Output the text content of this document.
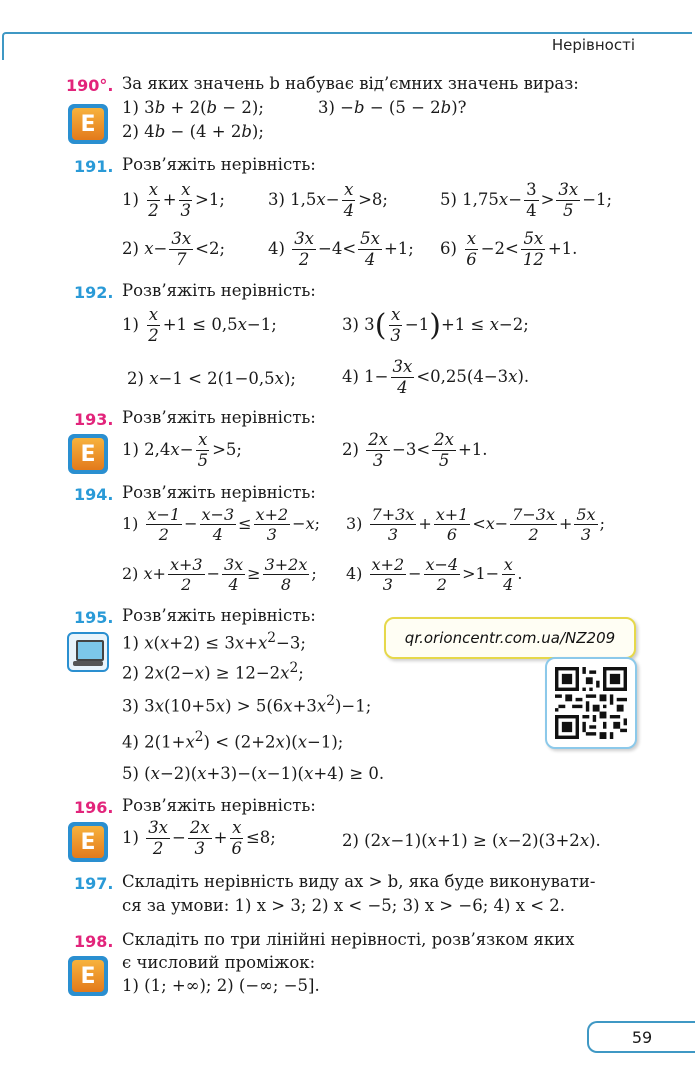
Нерівності
190°. За яких значень b набуває від’ємних значень вираз:
E
1) 3b + 2(b − 2);	3) −b − (5 − 2b)?
2) 4b − (4 + 2b);
191. Розв’яжіть нерівність:
$1) \frac{x}{2} + \frac{x}{3} >1$;	3) $1,5x- \frac{x}{4} >8$;	5) $1,75x- \frac{3}{4} > \frac{3x}{5} -1$;
2) $x- \frac{3x}{7} <2$;	$4) \frac{3x}{2} -4< \frac{5x}{4} +1$; $6) \frac{x}{6} -2< \frac{5x}{12} +1$.
192. Розв’яжіть нерівність:
$1) \frac{x}{2} +1 \le 0,5x-1$;	3) $3( \frac{x}{3} -1)+1 \le x-2$;
2) x−1 < 2(1−0,5x);	4) $1- \frac{3x}{4} <0,25(4-3x)$.
193. Розв’яжіть нерівність:
E	1) $2,4x- \frac{x}{5} >5$;	$2) \frac{2x}{3} -3< \frac{2x}{5} +1$.
194. Розв’яжіть нерівність:
$1) \frac{x-1}{2} - \frac{x-3}{4} \le \frac{x+2}{3} -x$; $3) \frac{7+3x}{3} + \frac{x+1}{6} <x- \frac{7-3x}{2} + \frac{5x}{3}$ ;
2) $x+ \frac{x+3}{2} - \frac{3x}{4} \ge \frac{3+2x}{8}$ ; $4) \frac{x+2}{3} - \frac{x-4}{2} >1- \frac{x}{4}$ .
195. Розв’яжіть нерівність:
1) $x(x+2) \le 3x+x^2-3$;
2) $2x(2-x) \ge 12-2x^2$;
3) $3x(10+5x) > 5(6x+3x^2)-1$;
4) $2(1+x^2) < (2+2x)(x-1)$;
5) (x−2)(x+3)−(x−1)(x+4) ≥ 0.
qr.orioncentr.com.ua/NZ209
196. Розв’яжіть нерівність:
E	$1) \frac{3x}{2} - \frac{2x}{3} + \frac{x}{6} \le 8$;	2) (2x−1)(x+1) ≥ (x−2)(3+2x).
197. Складіть нерівність виду ax > b, яка буде виконувати-
ся за умови: 1) x > 3; 2) x < −5; 3) x > −6; 4) x < 2.
198. Складіть по три лінійні нерівності, розв’язком яких
E
є числовий проміжок:
1) (1; +∞); 2) (−∞; −5].
59
